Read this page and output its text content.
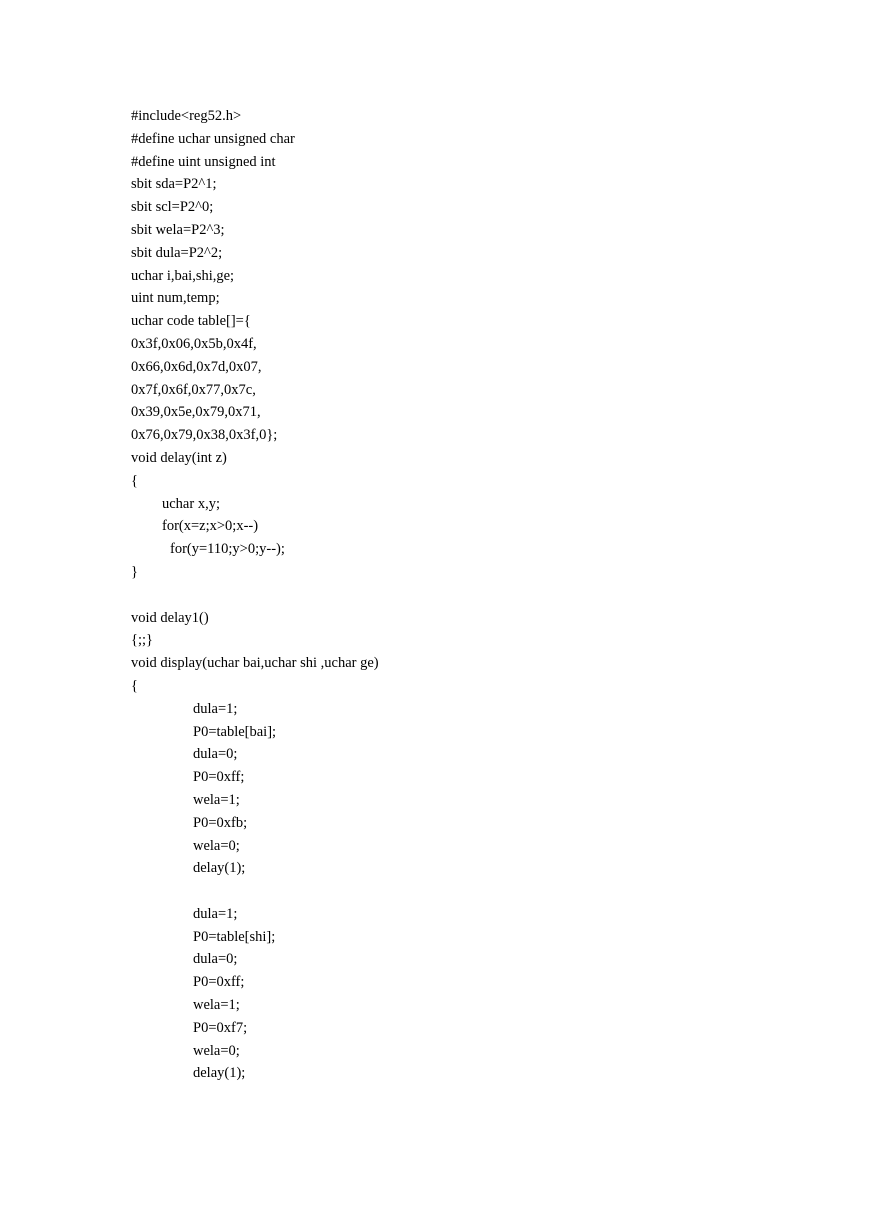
#include<reg52.h>
#define uchar unsigned char
#define uint unsigned int
sbit sda=P2^1;
sbit scl=P2^0;
sbit wela=P2^3;
sbit dula=P2^2;
uchar i,bai,shi,ge;
uint num,temp;
uchar code table[]={
0x3f,0x06,0x5b,0x4f,
0x66,0x6d,0x7d,0x07,
0x7f,0x6f,0x77,0x7c,
0x39,0x5e,0x79,0x71,
0x76,0x79,0x38,0x3f,0};
void delay(int z)
{
uchar x,y;
for(x=z;x>0;x--)
for(y=110;y>0;y--);
}
void delay1()
{;;}
void display(uchar bai,uchar shi ,uchar ge)
{
dula=1;
P0=table[bai];
dula=0;
P0=0xff;
wela=1;
P0=0xfb;
wela=0;
delay(1);
dula=1;
P0=table[shi];
dula=0;
P0=0xff;
wela=1;
P0=0xf7;
wela=0;
delay(1);
